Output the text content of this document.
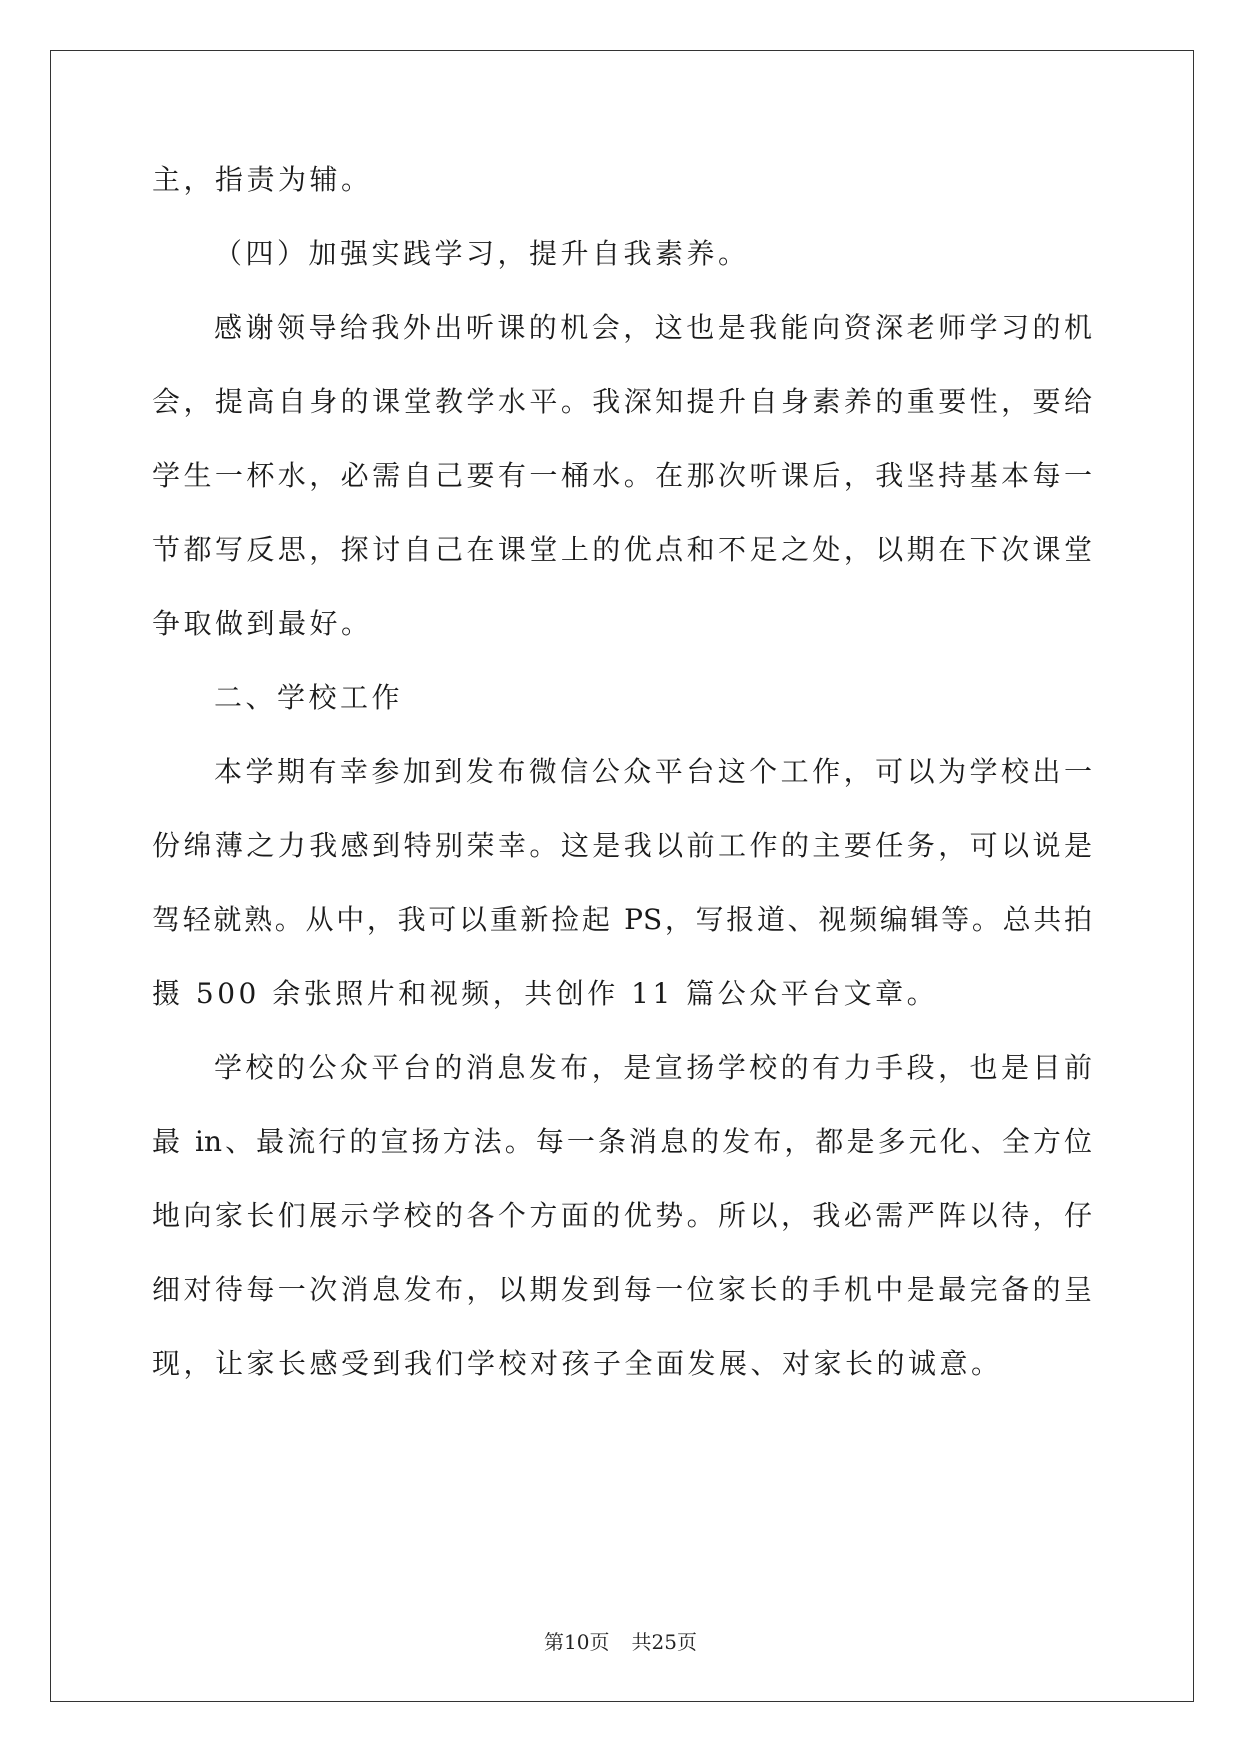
主，指责为辅。
（四）加强实践学习，提升自我素养。
感谢领导给我外出听课的机会，这也是我能向资深老师学习的机
会，提高自身的课堂教学水平。我深知提升自身素养的重要性，要给
学生一杯水，必需自己要有一桶水。在那次听课后，我坚持基本每一
节都写反思，探讨自己在课堂上的优点和不足之处，以期在下次课堂
争取做到最好。
二、学校工作
本学期有幸参加到发布微信公众平台这个工作，可以为学校出一
份绵薄之力我感到特别荣幸。这是我以前工作的主要任务，可以说是
驾轻就熟。从中，我可以重新捡起 PS，写报道、视频编辑等。总共拍
摄 500 余张照片和视频，共创作 11 篇公众平台文章。
学校的公众平台的消息发布，是宣扬学校的有力手段，也是目前
最 in、最流行的宣扬方法。每一条消息的发布，都是多元化、全方位
地向家长们展示学校的各个方面的优势。所以，我必需严阵以待，仔
细对待每一次消息发布，以期发到每一位家长的手机中是最完备的呈
现，让家长感受到我们学校对孩子全面发展、对家长的诚意。
第10页 共25页
